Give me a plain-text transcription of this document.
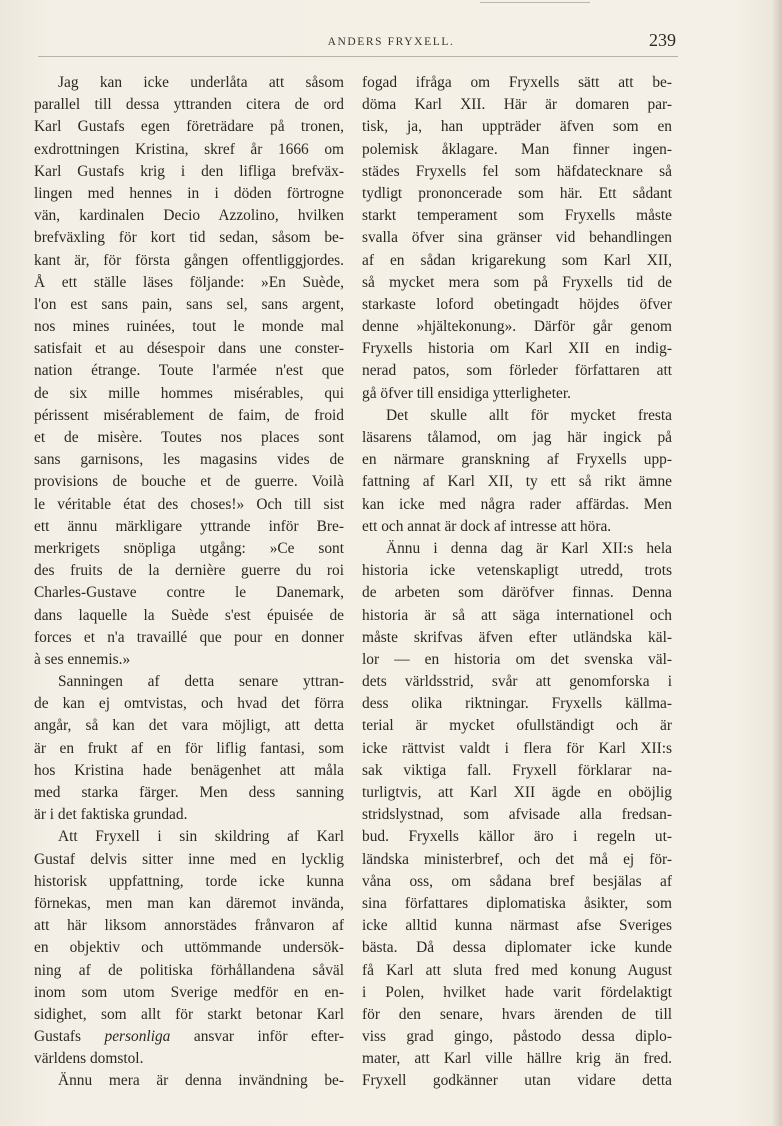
ANDERS FRYXELL.	239
Jag kan icke underlåta att såsom
parallel till dessa yttranden citera de ord
Karl Gustafs egen företrädare på tronen,
exdrottningen Kristina, skref år 1666 om
Karl Gustafs krig i den lifliga brefväx-
lingen med hennes in i döden förtrogne
vän, kardinalen Decio Azzolino, hvilken
brefväxling för kort tid sedan, såsom be-
kant är, för första gången offentliggjordes.
Å ett ställe läses följande: »En Suède,
l'on est sans pain, sans sel, sans argent,
nos mines ruinées, tout le monde mal
satisfait et au désespoir dans une conster-
nation étrange. Toute l'armée n'est que
de six mille hommes misérables, qui
périssent misérablement de faim, de froid
et de misère. Toutes nos places sont
sans garnisons, les magasins vides de
provisions de bouche et de guerre. Voilà
le véritable état des choses!» Och till sist
ett ännu märkligare yttrande inför Bre-
merkrigets snöpliga utgång: »Ce sont
des fruits de la dernière guerre du roi
Charles-Gustave contre le Danemark,
dans laquelle la Suède s'est épuisée de
forces et n'a travaillé que pour en donner
à ses ennemis.»
Sanningen af detta senare yttran-
de kan ej omtvistas, och hvad det förra
angår, så kan det vara möjligt, att detta
är en frukt af en för liflig fantasi, som
hos Kristina hade benägenhet att måla
med starka färger. Men dess sanning
är i det faktiska grundad.
Att Fryxell i sin skildring af Karl
Gustaf delvis sitter inne med en lycklig
historisk uppfattning, torde icke kunna
förnekas, men man kan däremot invända,
att här liksom annorstädes frånvaron af
en objektiv och uttömmande undersök-
ning af de politiska förhållandena såväl
inom som utom Sverige medför en en-
sidighet, som allt för starkt betonar Karl
Gustafs personliga ansvar inför efter-
världens domstol.
Ännu mera är denna invändning be-
fogad ifråga om Fryxells sätt att be-
döma Karl XII. Här är domaren par-
tisk, ja, han uppträder äfven som en
polemisk åklagare. Man finner ingen-
städes Fryxells fel som häfdatecknare så
tydligt prononcerade som här. Ett sådant
starkt temperament som Fryxells måste
svalla öfver sina gränser vid behandlingen
af en sådan krigarekung som Karl XII,
så mycket mera som på Fryxells tid de
starkaste loford obetingadt höjdes öfver
denne »hjältekonung». Därför går genom
Fryxells historia om Karl XII en indig-
nerad patos, som förleder författaren att
gå öfver till ensidiga ytterligheter.
Det skulle allt för mycket fresta
läsarens tålamod, om jag här ingick på
en närmare granskning af Fryxells upp-
fattning af Karl XII, ty ett så rikt ämne
kan icke med några rader affärdas. Men
ett och annat är dock af intresse att höra.
Ännu i denna dag är Karl XII:s hela
historia icke vetenskapligt utredd, trots
de arbeten som däröfver finnas. Denna
historia är så att säga internationel och
måste skrifvas äfven efter utländska käl-
lor — en historia om det svenska väl-
dets världsstrid, svår att genomforska i
dess olika riktningar. Fryxells källma-
terial är mycket ofullständigt och är
icke rättvist valdt i flera för Karl XII:s
sak viktiga fall. Fryxell förklarar na-
turligtvis, att Karl XII ägde en oböjlig
stridslystnad, som afvisade alla fredsan-
bud. Fryxells källor äro i regeln ut-
ländska ministerbref, och det må ej för-
våna oss, om sådana bref besjälas af
sina författares diplomatiska åsikter, som
icke alltid kunna närmast afse Sveriges
bästa. Då dessa diplomater icke kunde
få Karl att sluta fred med konung August
i Polen, hvilket hade varit fördelaktigt
för den senare, hvars ärenden de till
viss grad gingo, påstodo dessa diplo-
mater, att Karl ville hällre krig än fred.
Fryxell godkänner utan vidare detta
